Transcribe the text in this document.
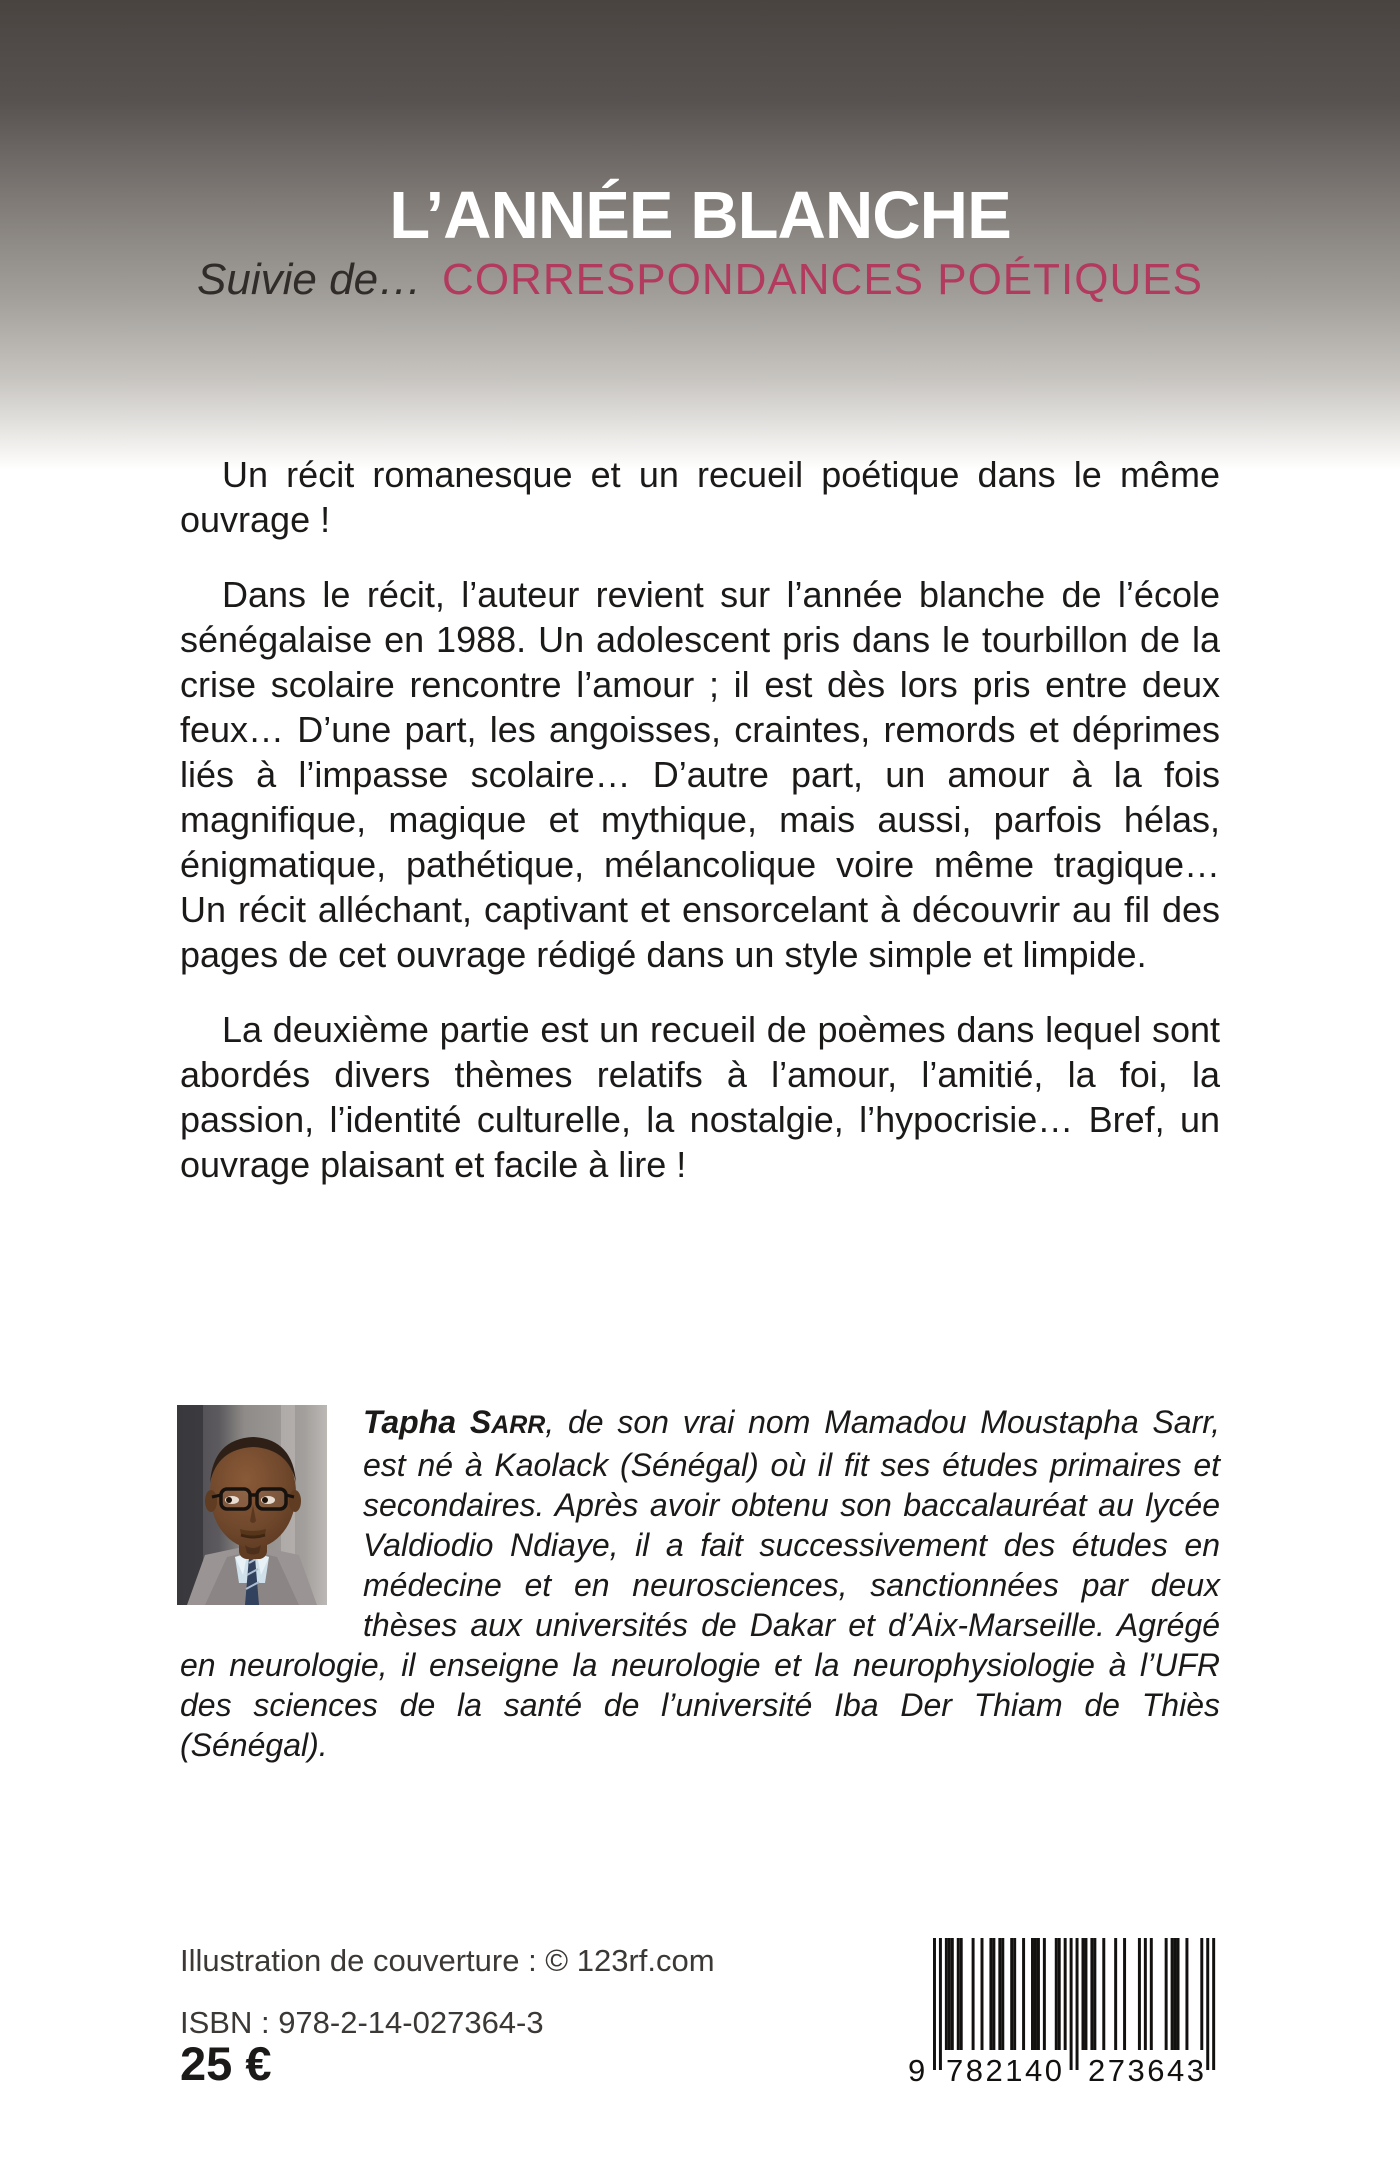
L’ANNÉE BLANCHE
Suivie de… CORRESPONDANCES POÉTIQUES

Un récit romanesque et un recueil poétique dans le même ouvrage !

Dans le récit, l’auteur revient sur l’année blanche de l’école sénégalaise en 1988. Un adolescent pris dans le tourbillon de la crise scolaire rencontre l’amour ; il est dès lors pris entre deux feux… D’une part, les angoisses, craintes, remords et déprimes liés à l’impasse scolaire… D’autre part, un amour à la fois magnifique, magique et mythique, mais aussi, parfois hélas, énigmatique, pathétique, mélancolique voire même tragique… Un récit alléchant, captivant et ensorcelant à découvrir au fil des pages de cet ouvrage rédigé dans un style simple et limpide.

La deuxième partie est un recueil de poèmes dans lequel sont abordés divers thèmes relatifs à l’amour, l’amitié, la foi, la passion, l’identité culturelle, la nostalgie, l’hypocrisie… Bref, un ouvrage plaisant et facile à lire !

Tapha SARR, de son vrai nom Mamadou Moustapha Sarr, est né à Kaolack (Sénégal) où il fit ses études primaires et secondaires. Après avoir obtenu son baccalauréat au lycée Valdiodio Ndiaye, il a fait successivement des études en médecine et en neurosciences, sanctionnées par deux thèses aux universités de Dakar et d’Aix-Marseille. Agrégé en neurologie, il enseigne la neurologie et la neurophysiologie à l’UFR des sciences de la santé de l’université Iba Der Thiam de Thiès (Sénégal).

Illustration de couverture : © 123rf.com
ISBN : 978-2-14-027364-3
25 €	9 782140 273643
